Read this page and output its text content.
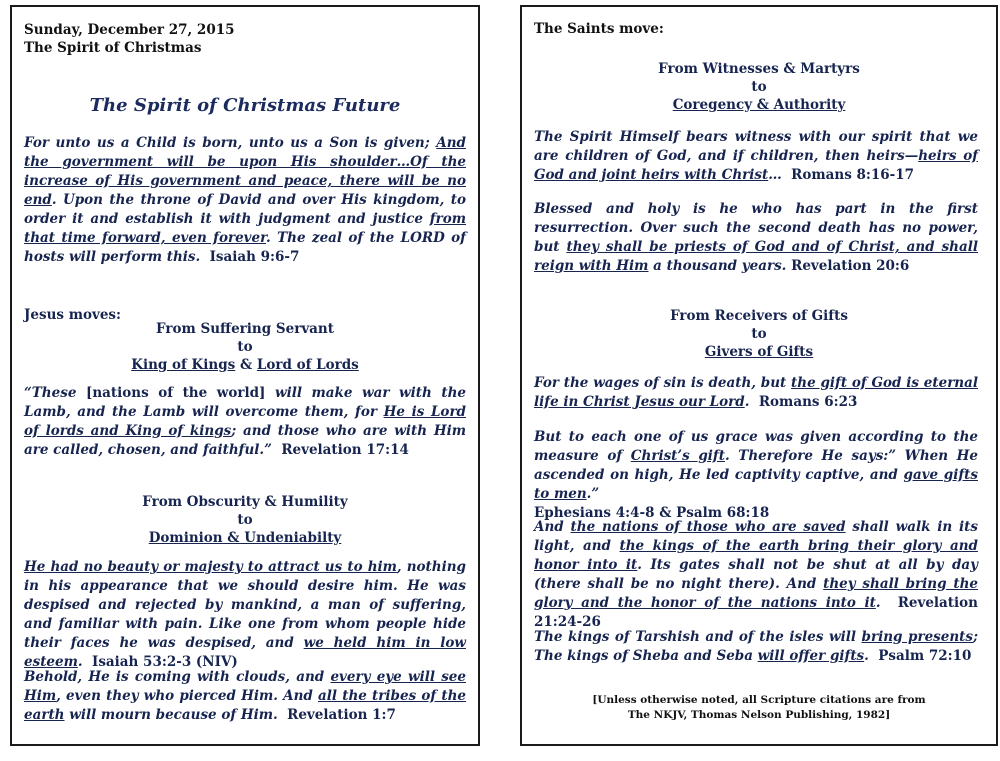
Sunday, December 27, 2015
The Spirit of Christmas
The Spirit of Christmas Future
For unto us a Child is born, unto us a Son is given; And the government will be upon His shoulder…Of the increase of His government and peace, there will be no end. Upon the throne of David and over His kingdom, to order it and establish it with judgment and justice from that time forward, even forever. The zeal of the LORD of hosts will perform this. Isaiah 9:6-7
Jesus moves:
From Suffering Servant
to
King of Kings & Lord of Lords
“These [nations of the world] will make war with the Lamb, and the Lamb will overcome them, for He is Lord of lords and King of kings; and those who are with Him are called, chosen, and faithful.” Revelation 17:14
From Obscurity & Humility
to
Dominion & Undeniabilty
He had no beauty or majesty to attract us to him, nothing in his appearance that we should desire him. He was despised and rejected by mankind, a man of suffering, and familiar with pain. Like one from whom people hide their faces he was despised, and we held him in low esteem. Isaiah 53:2-3 (NIV)
Behold, He is coming with clouds, and every eye will see Him, even they who pierced Him. And all the tribes of the earth will mourn because of Him. Revelation 1:7
The Saints move:
From Witnesses & Martyrs
to
Coregency & Authority
The Spirit Himself bears witness with our spirit that we are children of God, and if children, then heirs—heirs of God and joint heirs with Christ… Romans 8:16-17
Blessed and holy is he who has part in the first resurrection. Over such the second death has no power, but they shall be priests of God and of Christ, and shall reign with Him a thousand years. Revelation 20:6
From Receivers of Gifts
to
Givers of Gifts
For the wages of sin is death, but the gift of God is eternal life in Christ Jesus our Lord. Romans 6:23
But to each one of us grace was given according to the measure of Christ’s gift. Therefore He says:” When He ascended on high, He led captivity captive, and gave gifts to men.”
Ephesians 4:4-8 & Psalm 68:18
And the nations of those who are saved shall walk in its light, and the kings of the earth bring their glory and honor into it. Its gates shall not be shut at all by day (there shall be no night there). And they shall bring the glory and the honor of the nations into it. Revelation 21:24-26
The kings of Tarshish and of the isles will bring presents; The kings of Sheba and Seba will offer gifts. Psalm 72:10
[Unless otherwise noted, all Scripture citations are from
The NKJV, Thomas Nelson Publishing, 1982]
